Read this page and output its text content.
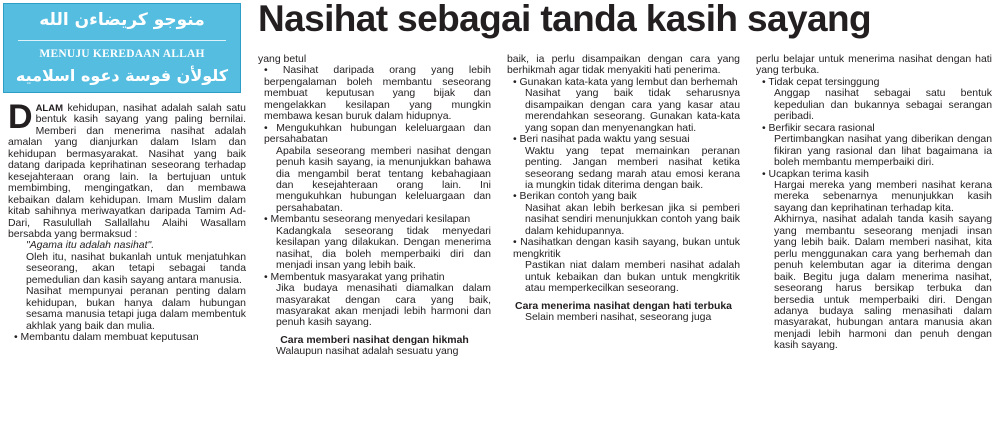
منوجو كريضاءن الله
MENUJU KEREDAAN ALLAH
كلولأن فوسة دعوه اسلاميه
Nasihat sebagai tanda kasih sayang

DALAM kehidupan, nasihat adalah salah satu bentuk kasih sayang yang paling bernilai. Memberi dan menerima nasihat adalah amalan yang dianjurkan dalam Islam dan kehidupan bermasyarakat. Nasihat yang baik datang daripada keprihatinan seseorang terhadap kesejahteraan orang lain. Ia bertujuan untuk membimbing, mengingatkan, dan membawa kebaikan dalam kehidupan. Imam Muslim dalam kitab sahihnya meriwayatkan daripada Tamim Ad-Dari, Rasulullah Sallallahu Alaihi Wasallam bersabda yang bermaksud :

"Agama itu adalah nasihat".

Oleh itu, nasihat bukanlah untuk menjatuhkan seseorang, akan tetapi sebagai tanda pemedulian dan kasih sayang antara manusia.

Nasihat mempunyai peranan penting dalam kehidupan, bukan hanya dalam hubungan sesama manusia tetapi juga dalam membentuk akhlak yang baik dan mulia.

• Membantu dalam membuat keputusan

yang betul

• Nasihat daripada orang yang lebih berpengalaman boleh membantu seseorang membuat keputusan yang bijak dan mengelakkan kesilapan yang mungkin membawa kesan buruk dalam hidupnya.

• Mengukuhkan hubungan keleluargaan dan persahabatan

Apabila seseorang memberi nasihat dengan penuh kasih sayang, ia menunjukkan bahawa dia mengambil berat tentang kebahagiaan dan kesejahteraan orang lain. Ini mengukuhkan hubungan keleluargaan dan persahabatan.

• Membantu seseorang menyedari kesilapan

Kadangkala seseorang tidak menyedari kesilapan yang dilakukan. Dengan menerima nasihat, dia boleh memperbaiki diri dan menjadi insan yang lebih baik.

• Membentuk masyarakat yang prihatin

Jika budaya menasihati diamalkan dalam masyarakat dengan cara yang baik, masyarakat akan menjadi lebih harmoni dan penuh kasih sayang.

Cara memberi nasihat dengan hikmah

Walaupun nasihat adalah sesuatu yang

baik, ia perlu disampaikan dengan cara yang berhikmah agar tidak menyakiti hati penerima.

• Gunakan kata-kata yang lembut dan berhemah

Nasihat yang baik tidak seharusnya disampaikan dengan cara yang kasar atau merendahkan seseorang. Gunakan kata-kata yang sopan dan menyenangkan hati.

• Beri nasihat pada waktu yang sesuai

Waktu yang tepat memainkan peranan penting. Jangan memberi nasihat ketika seseorang sedang marah atau emosi kerana ia mungkin tidak diterima dengan baik.

• Berikan contoh yang baik

Nasihat akan lebih berkesan jika si pemberi nasihat sendiri menunjukkan contoh yang baik dalam kehidupannya.

• Nasihatkan dengan kasih sayang, bukan untuk mengkritik

Pastikan niat dalam memberi nasihat adalah untuk kebaikan dan bukan untuk mengkritik atau memperkecilkan seseorang.

Cara menerima nasihat dengan hati terbuka

Selain memberi nasihat, seseorang juga

perlu belajar untuk menerima nasihat dengan hati yang terbuka.

• Tidak cepat tersinggung

Anggap nasihat sebagai satu bentuk kepedulian dan bukannya sebagai serangan peribadi.

• Berfikir secara rasional

Pertimbangkan nasihat yang diberikan dengan fikiran yang rasional dan lihat bagaimana ia boleh membantu memperbaiki diri.

• Ucapkan terima kasih

Hargai mereka yang memberi nasihat kerana mereka sebenarnya menunjukkan kasih sayang dan keprihatinan terhadap kita.

Akhirnya, nasihat adalah tanda kasih sayang yang membantu seseorang menjadi insan yang lebih baik. Dalam memberi nasihat, kita perlu menggunakan cara yang berhemah dan penuh kelembutan agar ia diterima dengan baik. Begitu juga dalam menerima nasihat, seseorang harus bersikap terbuka dan bersedia untuk memperbaiki diri. Dengan adanya budaya saling menasihati dalam masyarakat, hubungan antara manusia akan menjadi lebih harmoni dan penuh dengan kasih sayang.
